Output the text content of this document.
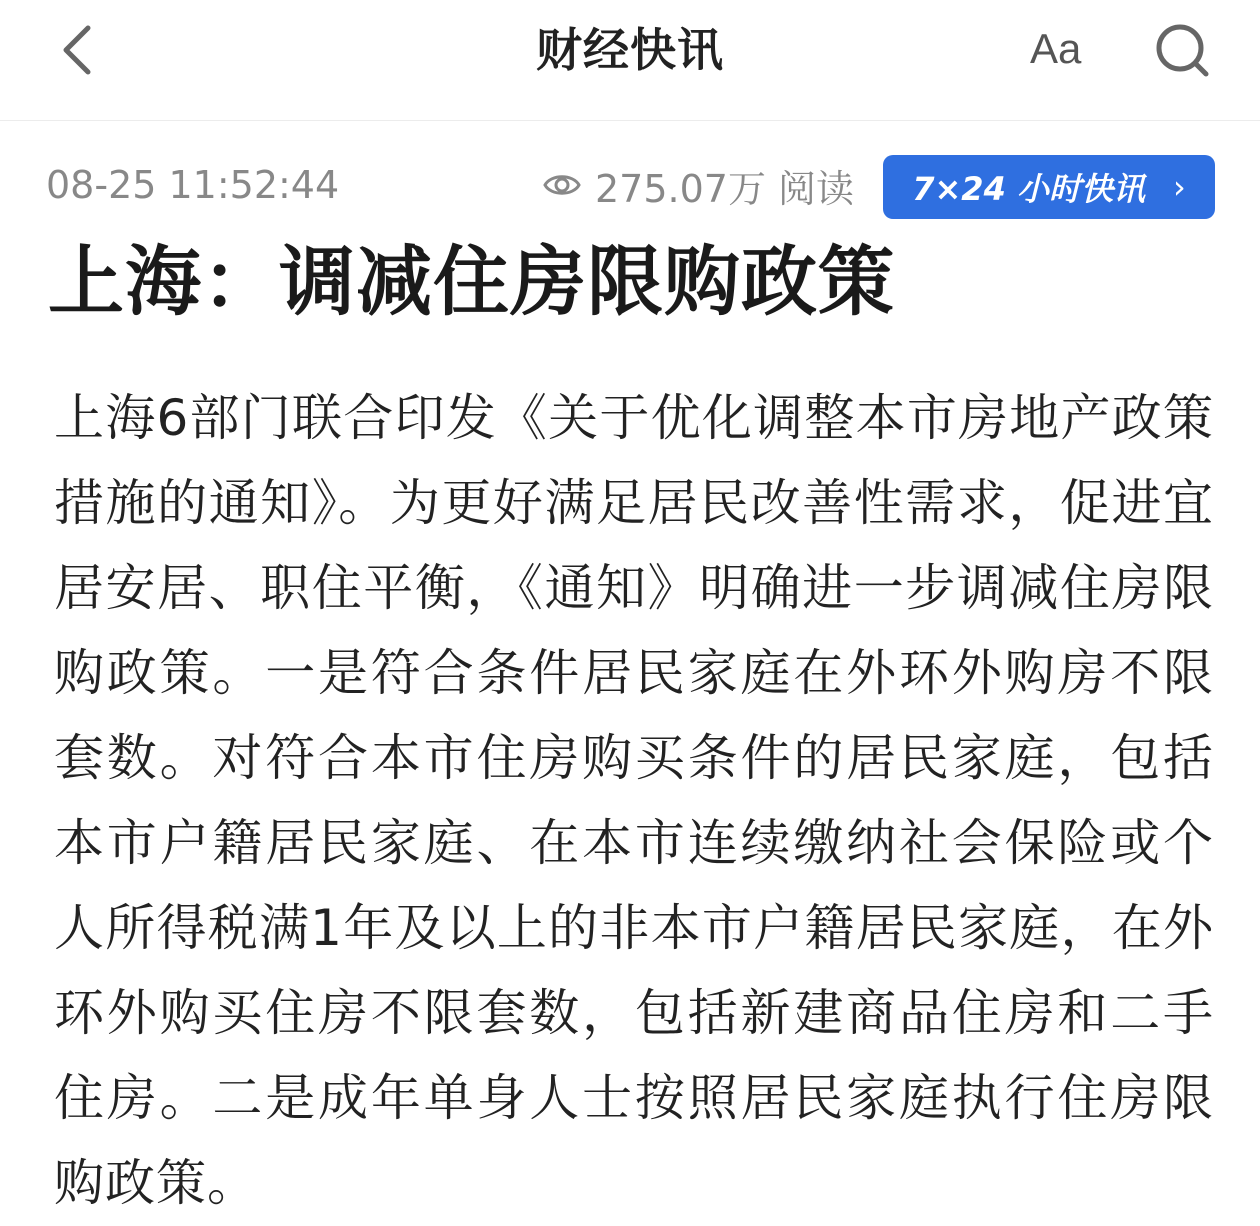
财经快讯	Aa
08-25 11:52:44	275.07万 阅读 7×24 小时快讯 ›
上海：调减住房限购政策
上海6部门联合印发《关于优化调整本市房地产政策措施的通知》。为更好满足居民改善性需求，促进宜居安居、职住平衡，《通知》明确进一步调减住房限购政策。一是符合条件居民家庭在外环外购房不限套数。对符合本市住房购买条件的居民家庭，包括本市户籍居民家庭、在本市连续缴纳社会保险或个人所得税满1年及以上的非本市户籍居民家庭，在外环外购买住房不限套数，包括新建商品住房和二手住房。二是成年单身人士按照居民家庭执行住房限购政策。
